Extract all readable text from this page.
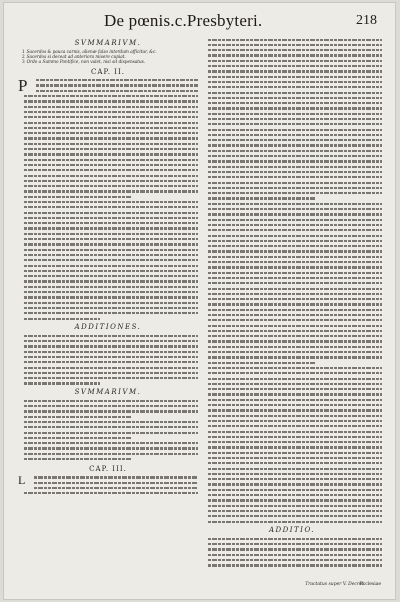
De pœnis.c.Presbyteri.	218
SVMMARIVM.
1 Sacerdos & pauca carnis, alienæ falso interdum afficitur, &c.
2 Sacerdos si deceat ad anteriora misere cupiat.
3 Ordo a Summo Pontifice, non valet, nisi sit dispensatus.
CAP. II.
P
ADDITIONES.
SVMMARIVM.
CAP. III.
L
ADDITIO.
Tractatus super V. Decret.
Ecclesiae
